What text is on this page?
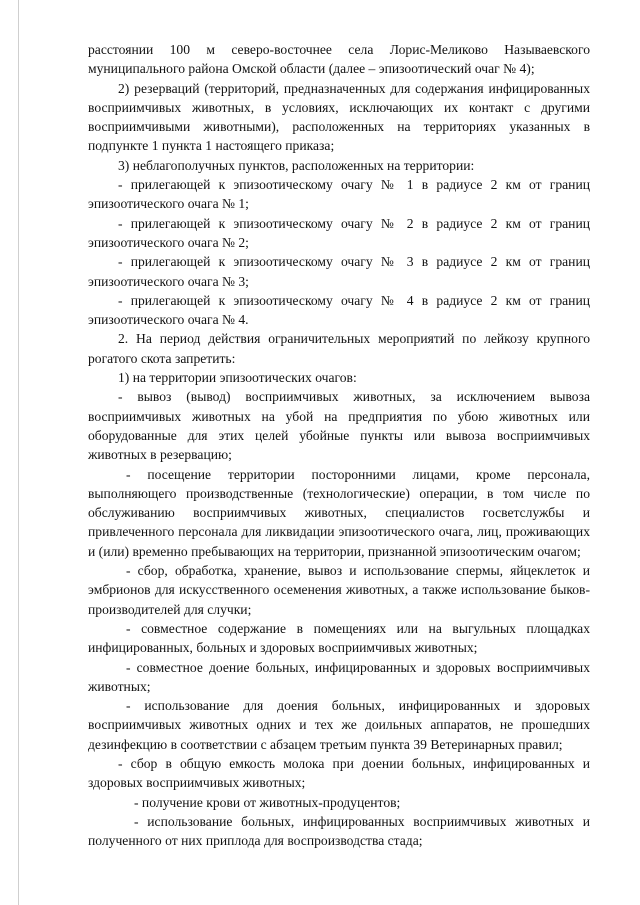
расстоянии 100 м северо-восточнее села Лорис-Меликово Называевского муниципального района Омской области (далее – эпизоотический очаг № 4);

2) резерваций (территорий, предназначенных для содержания инфицированных восприимчивых животных, в условиях, исключающих их контакт с другими восприимчивыми животными), расположенных на территориях указанных в подпункте 1 пункта 1 настоящего приказа;

3) неблагополучных пунктов, расположенных на территории:

- прилегающей к эпизоотическому очагу № 1 в радиусе 2 км от границ эпизоотического очага № 1;

- прилегающей к эпизоотическому очагу № 2 в радиусе 2 км от границ эпизоотического очага № 2;

- прилегающей к эпизоотическому очагу № 3 в радиусе 2 км от границ эпизоотического очага № 3;

- прилегающей к эпизоотическому очагу № 4 в радиусе 2 км от границ эпизоотического очага № 4.

2. На период действия ограничительных мероприятий по лейкозу крупного рогатого скота запретить:

1) на территории эпизоотических очагов:

- вывоз (вывод) восприимчивых животных, за исключением вывоза восприимчивых животных на убой на предприятия по убою животных или оборудованные для этих целей убойные пункты или вывоза восприимчивых животных в резервацию;

- посещение территории посторонними лицами, кроме персонала, выполняющего производственные (технологические) операции, в том числе по обслуживанию восприимчивых животных, специалистов госветслужбы и привлеченного персонала для ликвидации эпизоотического очага, лиц, проживающих и (или) временно пребывающих на территории, признанной эпизоотическим очагом;

- сбор, обработка, хранение, вывоз и использование спермы, яйцеклеток и эмбрионов для искусственного осеменения животных, а также использование быков-производителей для случки;

- совместное содержание в помещениях или на выгульных площадках инфицированных, больных и здоровых восприимчивых животных;

- совместное доение больных, инфицированных и здоровых восприимчивых животных;

- использование для доения больных, инфицированных и здоровых восприимчивых животных одних и тех же доильных аппаратов, не прошедших дезинфекцию в соответствии с абзацем третьим пункта 39 Ветеринарных правил;

- сбор в общую емкость молока при доении больных, инфицированных и здоровых восприимчивых животных;

- получение крови от животных-продуцентов;

- использование больных, инфицированных восприимчивых животных и полученного от них приплода для воспроизводства стада;
